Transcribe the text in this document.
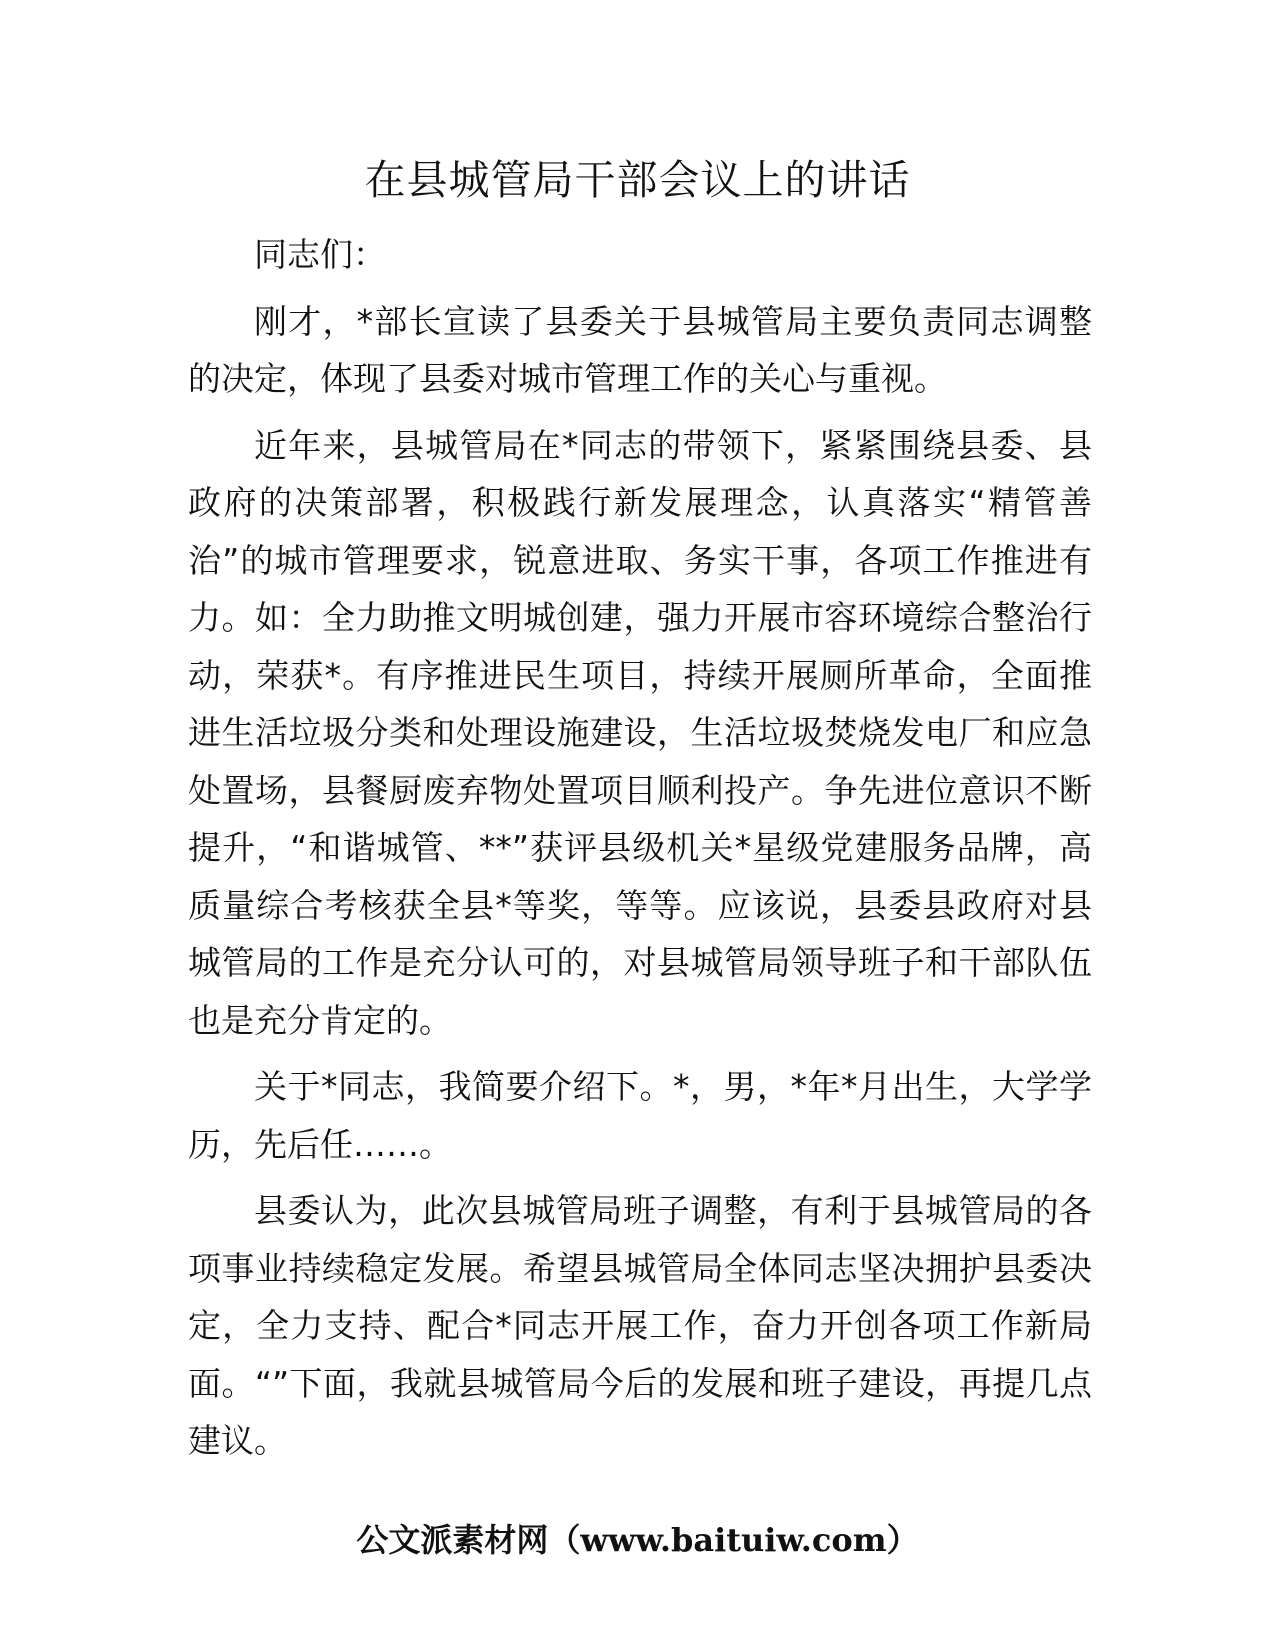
在县城管局干部会议上的讲话

同志们：

刚才，*部长宣读了县委关于县城管局主要负责同志调整的决定，体现了县委对城市管理工作的关心与重视。

近年来，县城管局在*同志的带领下，紧紧围绕县委、县政府的决策部署，积极践行新发展理念，认真落实“精管善治”的城市管理要求，锐意进取、务实干事，各项工作推进有力。如：全力助推文明城创建，强力开展市容环境综合整治行动，荣获*。有序推进民生项目，持续开展厕所革命，全面推进生活垃圾分类和处理设施建设，生活垃圾焚烧发电厂和应急处置场，县餐厨废弃物处置项目顺利投产。争先进位意识不断提升，“和谐城管、**”获评县级机关*星级党建服务品牌，高质量综合考核获全县*等奖，等等。应该说，县委县政府对县城管局的工作是充分认可的，对县城管局领导班子和干部队伍也是充分肯定的。

关于*同志，我简要介绍下。*，男，*年*月出生，大学学历，先后任……。

县委认为，此次县城管局班子调整，有利于县城管局的各项事业持续稳定发展。希望县城管局全体同志坚决拥护县委决定，全力支持、配合*同志开展工作，奋力开创各项工作新局面。“”下面，我就县城管局今后的发展和班子建设，再提几点建议。

公文派素材网（www.baituiw.com）
